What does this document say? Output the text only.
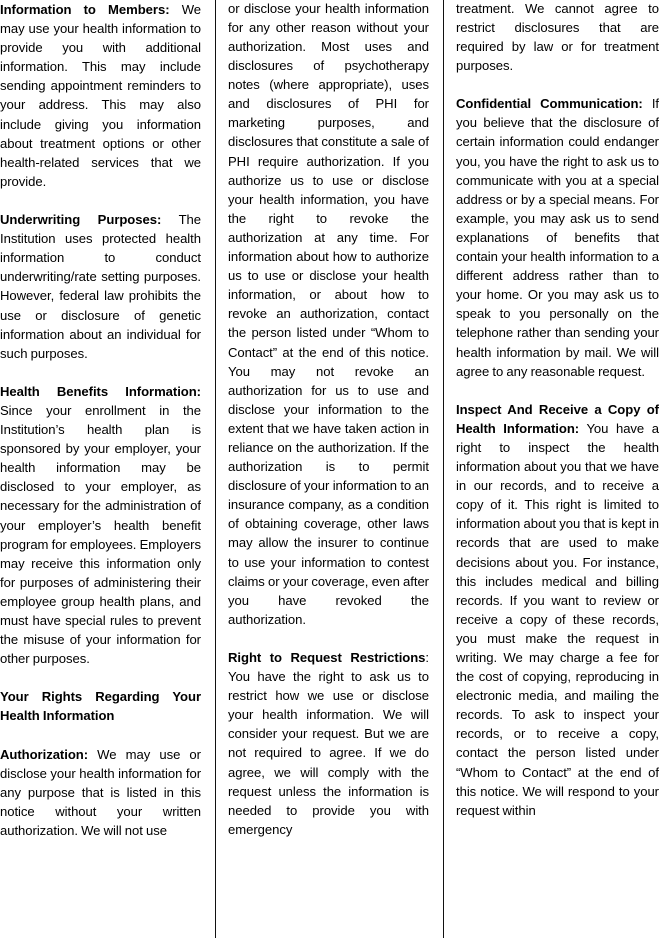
Information to Members: We may use your health information to provide you with additional information. This may include sending appointment reminders to your address. This may also include giving you information about treatment options or other health-related services that we provide.

Underwriting Purposes: The Institution uses protected health information to conduct underwriting/rate setting purposes. However, federal law prohibits the use or disclosure of genetic information about an individual for such purposes.

Health Benefits Information: Since your enrollment in the Institution’s health plan is sponsored by your employer, your health information may be disclosed to your employer, as necessary for the administration of your employer’s health benefit program for employees. Employers may receive this information only for purposes of administering their employee group health plans, and must have special rules to prevent the misuse of your information for other purposes.

Your Rights Regarding Your Health Information

Authorization: We may use or disclose your health information for any purpose that is listed in this notice without your written authorization. We will not use

or disclose your health information for any other reason without your authorization. Most uses and disclosures of psychotherapy notes (where appropriate), uses and disclosures of PHI for marketing purposes, and disclosures that constitute a sale of PHI require authorization. If you authorize us to use or disclose your health information, you have the right to revoke the authorization at any time. For information about how to authorize us to use or disclose your health information, or about how to revoke an authorization, contact the person listed under “Whom to Contact” at the end of this notice. You may not revoke an authorization for us to use and disclose your information to the extent that we have taken action in reliance on the authorization. If the authorization is to permit disclosure of your information to an insurance company, as a condition of obtaining coverage, other laws may allow the insurer to continue to use your information to contest claims or your coverage, even after you have revoked the authorization.

Right to Request Restrictions: You have the right to ask us to restrict how we use or disclose your health information. We will consider your request. But we are not required to agree. If we do agree, we will comply with the request unless the information is needed to provide you with emergency

treatment. We cannot agree to restrict disclosures that are required by law or for treatment purposes.

Confidential Communication: If you believe that the disclosure of certain information could endanger you, you have the right to ask us to communicate with you at a special address or by a special means. For example, you may ask us to send explanations of benefits that contain your health information to a different address rather than to your home. Or you may ask us to speak to you personally on the telephone rather than sending your health information by mail. We will agree to any reasonable request.

Inspect And Receive a Copy of Health Information: You have a right to inspect the health information about you that we have in our records, and to receive a copy of it. This right is limited to information about you that is kept in records that are used to make decisions about you. For instance, this includes medical and billing records. If you want to review or receive a copy of these records, you must make the request in writing. We may charge a fee for the cost of copying, reproducing in electronic media, and mailing the records. To ask to inspect your records, or to receive a copy, contact the person listed under “Whom to Contact” at the end of this notice. We will respond to your request within
